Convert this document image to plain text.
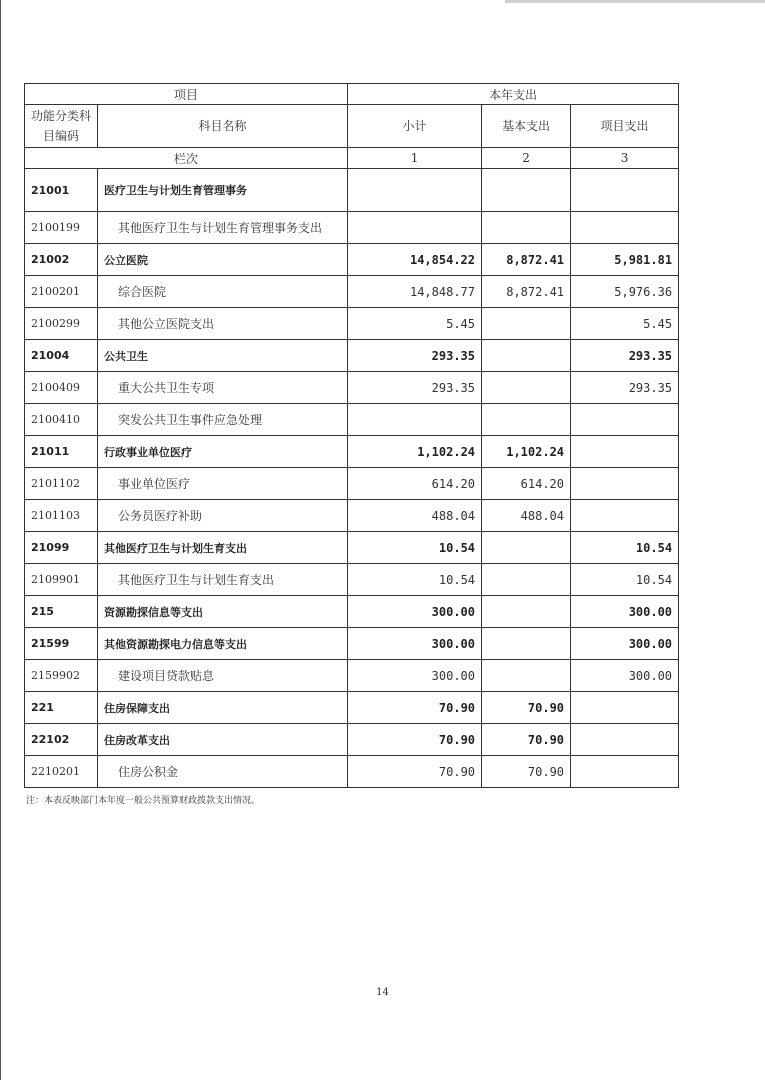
项目		本年支出		

功能分类科目编码	科目名称	小计	基本支出	项目支出
栏次		1	2	3
21001	医疗卫生与计划生育管理事务			
2100199	其他医疗卫生与计划生育管理事务支出			
21002	公立医院	14,854.22	8,872.41	5,981.81
2100201	综合医院	14,848.77	8,872.41	5,976.36
2100299	其他公立医院支出	5.45		5.45
21004	公共卫生	293.35		293.35
2100409	重大公共卫生专项	293.35		293.35
2100410	突发公共卫生事件应急处理			
21011	行政事业单位医疗	1,102.24	1,102.24	
2101102	事业单位医疗	614.20	614.20	
2101103	公务员医疗补助	488.04	488.04	
21099	其他医疗卫生与计划生育支出	10.54		10.54
2109901	其他医疗卫生与计划生育支出	10.54		10.54
215	资源勘探信息等支出	300.00		300.00
21599	其他资源勘探电力信息等支出	300.00		300.00
2159902	建设项目贷款贴息	300.00		300.00
221	住房保障支出	70.90	70.90	
22102	住房改革支出	70.90	70.90	
2210201	住房公积金	70.90	70.90	
注：本表反映部门本年度一般公共预算财政拨款支出情况。
14
